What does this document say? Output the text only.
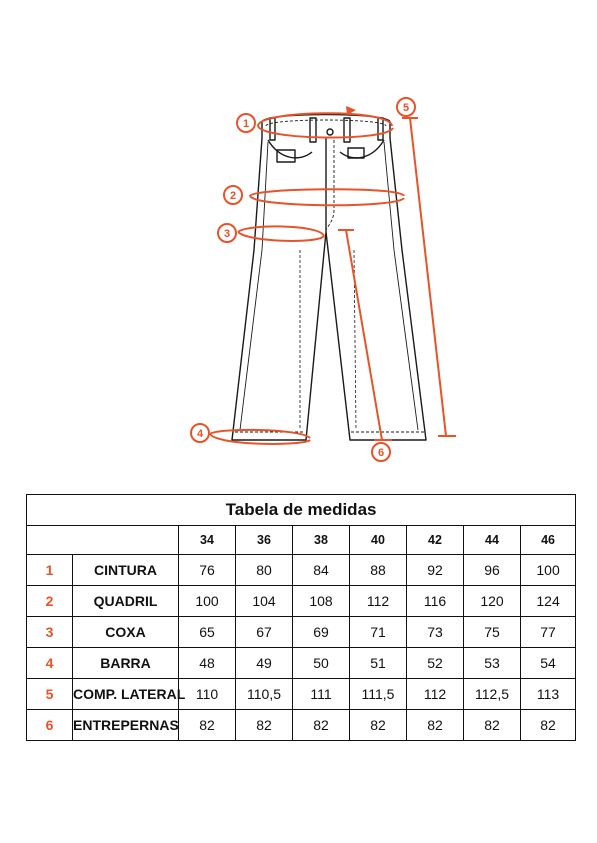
1
2
3
4
5
6
Tabela de medidas								
		34	36	38	40	42	44	46
1	CINTURA	76	80	84	88	92	96	100
2	QUADRIL	100	104	108	112	116	120	124
3	COXA	65	67	69	71	73	75	77
4	BARRA	48	49	50	51	52	53	54
5	COMP. LATERAL	110	110,5	111	111,5	112	112,5	113
6	ENTREPERNAS	82	82	82	82	82	82	82
